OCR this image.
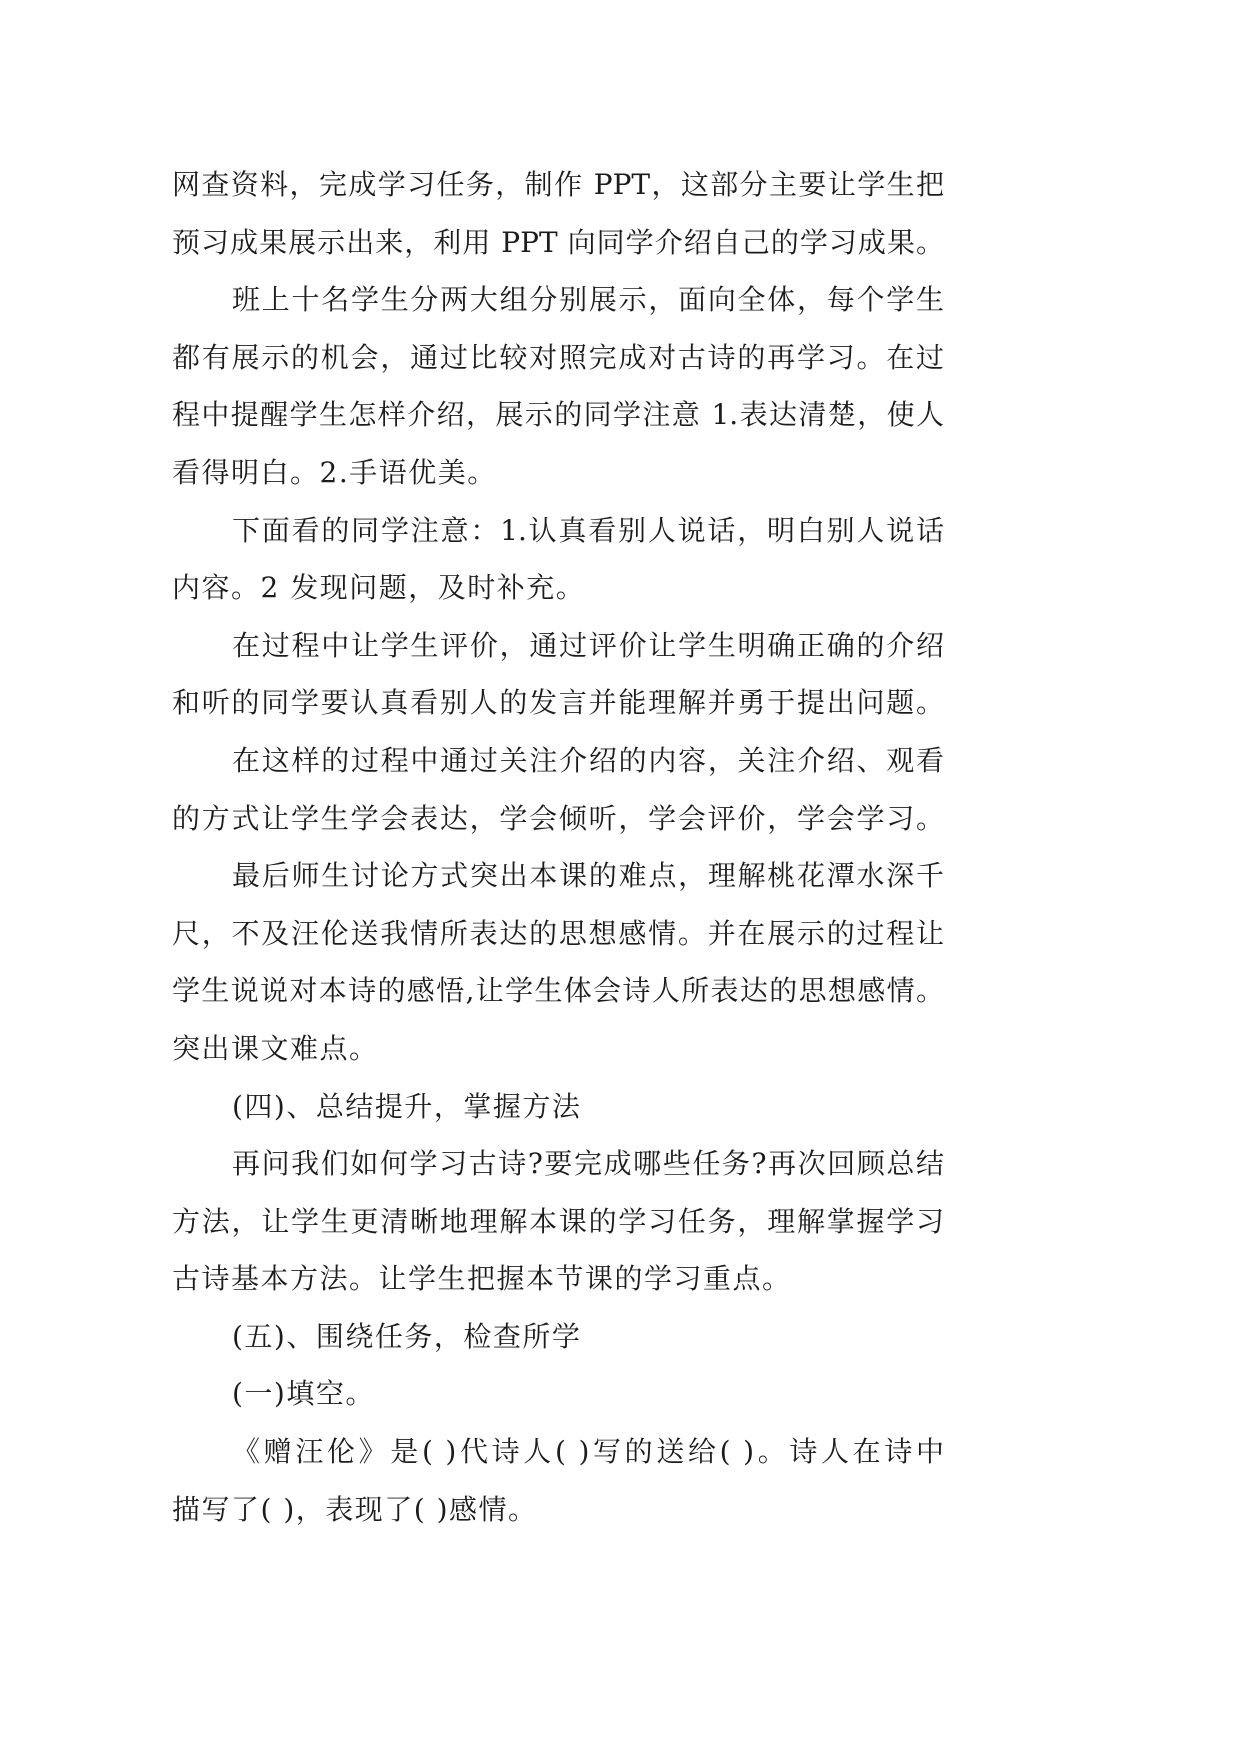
网查资料，完成学习任务，制作 PPT，这部分主要让学生把
预习成果展示出来，利用 PPT 向同学介绍自己的学习成果。
班上十名学生分两大组分别展示，面向全体，每个学生
都有展示的机会，通过比较对照完成对古诗的再学习。在过
程中提醒学生怎样介绍，展示的同学注意 1.表达清楚，使人
看得明白。2.手语优美。
下面看的同学注意：1.认真看别人说话，明白别人说话
内容。2 发现问题，及时补充。
在过程中让学生评价，通过评价让学生明确正确的介绍
和听的同学要认真看别人的发言并能理解并勇于提出问题。
在这样的过程中通过关注介绍的内容，关注介绍、观看
的方式让学生学会表达，学会倾听，学会评价，学会学习。
最后师生讨论方式突出本课的难点，理解桃花潭水深千
尺，不及汪伦送我情所表达的思想感情。并在展示的过程让
学生说说对本诗的感悟,让学生体会诗人所表达的思想感情。
突出课文难点。
(四)、总结提升，掌握方法
再问我们如何学习古诗?要完成哪些任务?再次回顾总结
方法，让学生更清晰地理解本课的学习任务，理解掌握学习
古诗基本方法。让学生把握本节课的学习重点。
(五)、围绕任务，检查所学
(一)填空。
《赠汪伦》是( )代诗人( )写的送给( )。诗人在诗中
描写了( )，表现了( )感情。
